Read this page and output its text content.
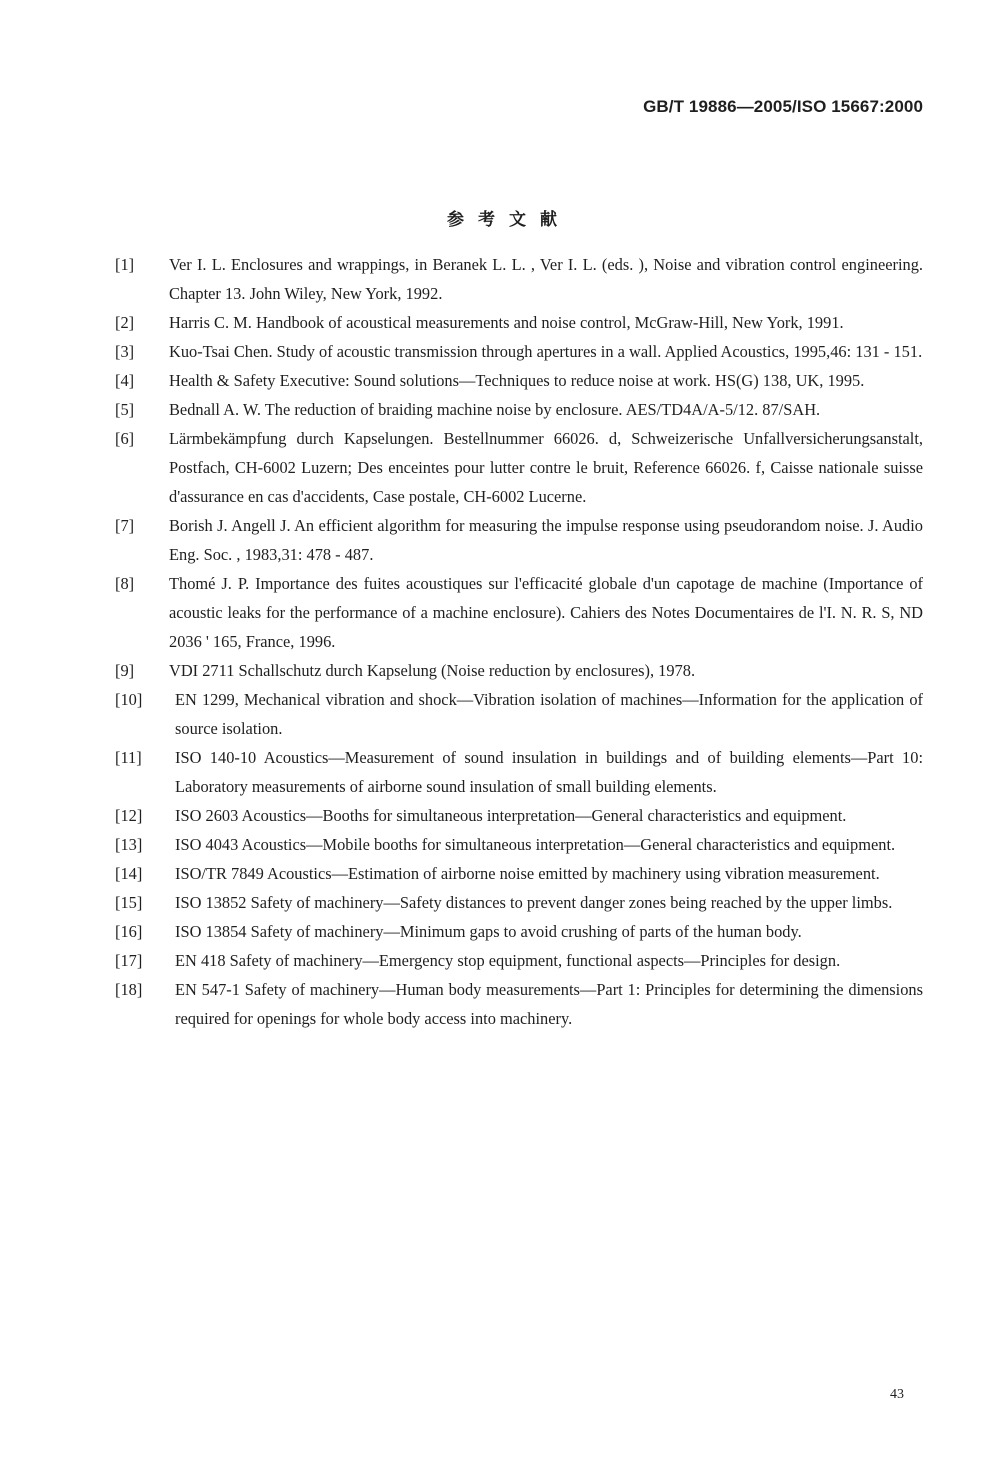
GB/T 19886—2005/ISO 15667:2000
参考文献
[1]	Ver I. L. Enclosures and wrappings, in Beranek L. L. , Ver I. L. (eds. ), Noise and vibration control engineering. Chapter 13. John Wiley, New York, 1992.
[2]	Harris C. M. Handbook of acoustical measurements and noise control, McGraw-Hill, New York, 1991.
[3]	Kuo-Tsai Chen. Study of acoustic transmission through apertures in a wall. Applied Acoustics, 1995,46: 131 - 151.
[4]	Health & Safety Executive: Sound solutions—Techniques to reduce noise at work. HS(G) 138, UK, 1995.
[5]	Bednall A. W. The reduction of braiding machine noise by enclosure. AES/TD4A/A-5/12. 87/SAH.
[6]	Lärmbekämpfung durch Kapselungen. Bestellnummer 66026. d, Schweizerische Unfallversicherungsanstalt, Postfach, CH-6002 Luzern; Des enceintes pour lutter contre le bruit, Reference 66026. f, Caisse nationale suisse d'assurance en cas d'accidents, Case postale, CH-6002 Lucerne.
[7]	Borish J. Angell J. An efficient algorithm for measuring the impulse response using pseudorandom noise. J. Audio Eng. Soc. , 1983,31: 478 - 487.
[8]	Thomé J. P. Importance des fuites acoustiques sur l'efficacité globale d'un capotage de machine (Importance of acoustic leaks for the performance of a machine enclosure). Cahiers des Notes Documentaires de l'I. N. R. S, ND 2036 ' 165, France, 1996.
[9]	VDI 2711 Schallschutz durch Kapselung (Noise reduction by enclosures), 1978.
[10]	EN 1299, Mechanical vibration and shock—Vibration isolation of machines—Information for the application of source isolation.
[11]	ISO 140-10 Acoustics—Measurement of sound insulation in buildings and of building elements—Part 10: Laboratory measurements of airborne sound insulation of small building elements.
[12]	ISO 2603 Acoustics—Booths for simultaneous interpretation—General characteristics and equipment.
[13]	ISO 4043 Acoustics—Mobile booths for simultaneous interpretation—General characteristics and equipment.
[14]	ISO/TR 7849 Acoustics—Estimation of airborne noise emitted by machinery using vibration measurement.
[15]	ISO 13852 Safety of machinery—Safety distances to prevent danger zones being reached by the upper limbs.
[16]	ISO 13854 Safety of machinery—Minimum gaps to avoid crushing of parts of the human body.
[17]	EN 418 Safety of machinery—Emergency stop equipment, functional aspects—Principles for design.
[18]	EN 547-1 Safety of machinery—Human body measurements—Part 1: Principles for determining the dimensions required for openings for whole body access into machinery.
43
